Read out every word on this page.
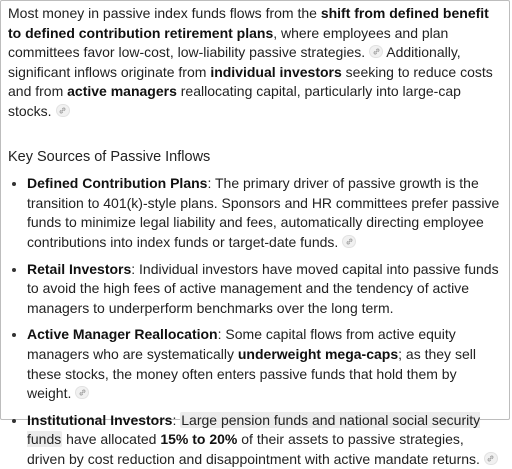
Most money in passive index funds flows from the shift from defined benefit to defined contribution retirement plans, where employees and plan committees favor low-cost, low-liability passive strategies.
Additionally, significant inflows originate from individual investors seeking to reduce costs and from active managers reallocating capital, particularly into large-cap stocks.

Key Sources of Passive Inflows
• Defined Contribution Plans: The primary driver of passive growth is the transition to 401(k)-style plans. Sponsors and HR committees prefer passive funds to minimize legal liability and fees, automatically directing employee contributions into index funds or target-date funds.
• Retail Investors: Individual investors have moved capital into passive funds to avoid the high fees of active management and the tendency of active managers to underperform benchmarks over the long term.
• Active Manager Reallocation: Some capital flows from active equity managers who are systematically underweight mega-caps; as they sell these stocks, the money often enters passive funds that hold them by weight.
• Institutional Investors: Large pension funds and national social security funds have allocated 15% to 20% of their assets to passive strategies, driven by cost reduction and disappointment with active mandate returns.
